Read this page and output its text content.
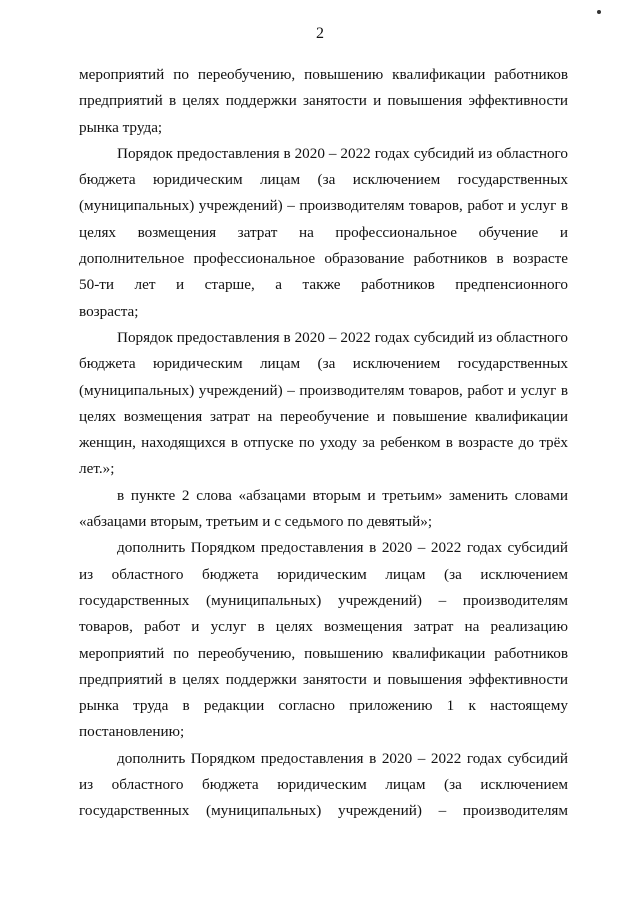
2
мероприятий по переобучению, повышению квалификации работников
предприятий в целях поддержки занятости и повышения эффективности
рынка труда;
Порядок предоставления в 2020 – 2022 годах субсидий из областного
бюджета юридическим лицам (за исключением государственных
(муниципальных) учреждений) – производителям товаров, работ и услуг в
целях возмещения затрат на профессиональное обучение и
дополнительное профессиональное образование работников в возрасте
50-ти лет и старше, а также работников предпенсионного
возраста;
Порядок предоставления в 2020 – 2022 годах субсидий из областного
бюджета юридическим лицам (за исключением государственных
(муниципальных) учреждений) – производителям товаров, работ и услуг в
целях возмещения затрат на переобучение и повышение квалификации
женщин, находящихся в отпуске по уходу за ребенком в возрасте до трёх
лет.»;
в пункте 2 слова «абзацами вторым и третьим» заменить словами
«абзацами вторым, третьим и с седьмого по девятый»;
дополнить Порядком предоставления в 2020 – 2022 годах субсидий
из областного бюджета юридическим лицам (за исключением
государственных (муниципальных) учреждений) – производителям
товаров, работ и услуг в целях возмещения затрат на реализацию
мероприятий по переобучению, повышению квалификации работников
предприятий в целях поддержки занятости и повышения эффективности
рынка труда в редакции согласно приложению 1 к настоящему
постановлению;
дополнить Порядком предоставления в 2020 – 2022 годах субсидий
из областного бюджета юридическим лицам (за исключением
государственных (муниципальных) учреждений) – производителям
